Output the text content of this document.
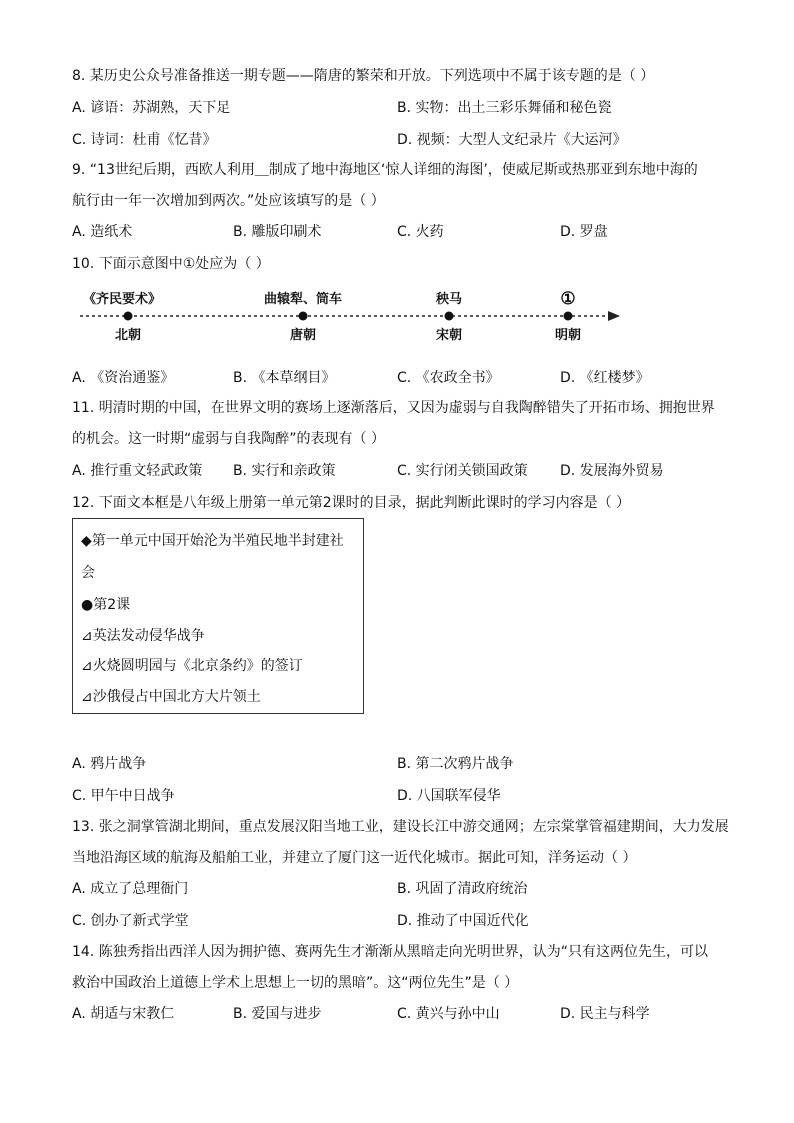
8. 某历史公众号准备推送一期专题——隋唐的繁荣和开放。下列选项中不属于该专题的是（ ）
A. 谚语：苏湖熟，天下足	B. 实物：出土三彩乐舞俑和秘色瓷
C. 诗词：杜甫《忆昔》	D. 视频：大型人文纪录片《大运河》
9. “13世纪后期，西欧人利用＿制成了地中海地区‘惊人详细的海图’，使威尼斯或热那亚到东地中海的
航行由一年一次增加到两次。”处应该填写的是（ ）
A. 造纸术	B. 雕版印刷术	C. 火药	D. 罗盘
10. 下面示意图中①处应为（ ）
《齐民要术》	曲辕犁、筒车	秧马	①
北朝	唐朝	宋朝	明朝
A. 《资治通鉴》	B. 《本草纲目》	C. 《农政全书》	D. 《红楼梦》
11. 明清时期的中国，在世界文明的赛场上逐渐落后，又因为虚弱与自我陶醉错失了开拓市场、拥抱世界
的机会。这一时期“虚弱与自我陶醉”的表现有（ ）
A. 推行重文轻武政策 B. 实行和亲政策	C. 实行闭关锁国政策 D. 发展海外贸易
12. 下面文本框是八年级上册第一单元第2课时的目录，据此判断此课时的学习内容是（ ）
◆第一单元中国开始沦为半殖民地半封建社
会
●第2课
⊿英法发动侵华战争
⊿火烧圆明园与《北京条约》的签订
⊿沙俄侵占中国北方大片领土
A. 鸦片战争	B. 第二次鸦片战争
C. 甲午中日战争	D. 八国联军侵华
13. 张之洞掌管湖北期间，重点发展汉阳当地工业，建设长江中游交通网；左宗棠掌管福建期间，大力发展
当地沿海区域的航海及船舶工业，并建立了厦门这一近代化城市。据此可知，洋务运动（ ）
A. 成立了总理衙门	B. 巩固了清政府统治
C. 创办了新式学堂	D. 推动了中国近代化
14. 陈独秀指出西洋人因为拥护德、赛两先生才渐渐从黑暗走向光明世界，认为“只有这两位先生，可以
救治中国政治上道德上学术上思想上一切的黑暗”。这“两位先生”是（ ）
A. 胡适与宋教仁	B. 爱国与进步	C. 黄兴与孙中山	D. 民主与科学
